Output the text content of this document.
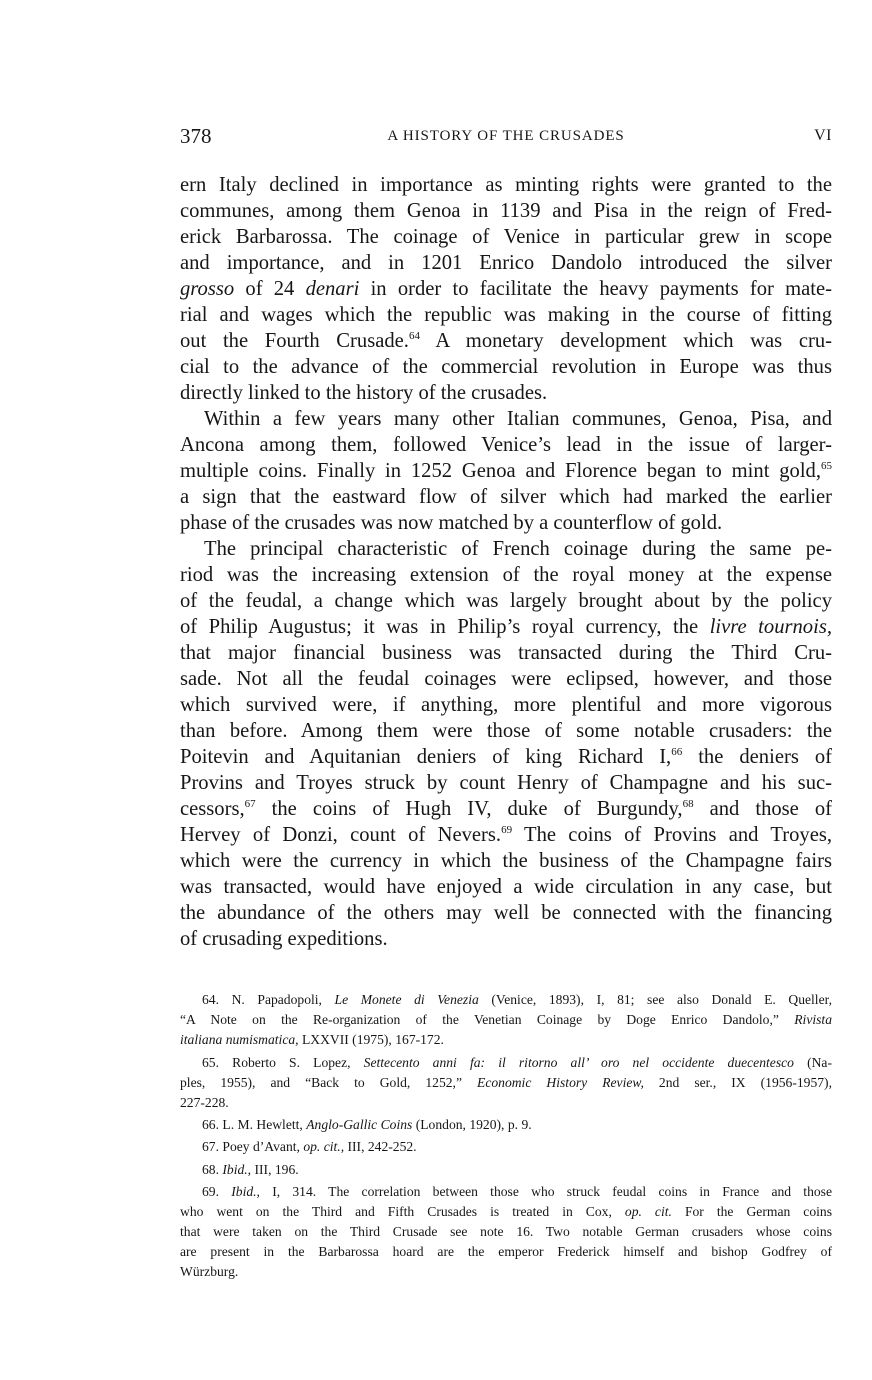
378	A HISTORY OF THE CRUSADES	VI
ern Italy declined in importance as minting rights were granted to the
communes, among them Genoa in 1139 and Pisa in the reign of Fred-
erick Barbarossa. The coinage of Venice in particular grew in scope
and importance, and in 1201 Enrico Dandolo introduced the silver
grosso of 24 denari in order to facilitate the heavy payments for mate-
rial and wages which the republic was making in the course of fitting
out the Fourth Crusade.$^{64}$ A monetary development which was cru-
cial to the advance of the commercial revolution in Europe was thus
directly linked to the history of the crusades.
Within a few years many other Italian communes, Genoa, Pisa, and
Ancona among them, followed Venice’s lead in the issue of larger-
multiple coins. Finally in 1252 Genoa and Florence began to mint gold,$^{65}$
a sign that the eastward flow of silver which had marked the earlier
phase of the crusades was now matched by a counterflow of gold.
The principal characteristic of French coinage during the same pe-
riod was the increasing extension of the royal money at the expense
of the feudal, a change which was largely brought about by the policy
of Philip Augustus; it was in Philip’s royal currency, the livre tournois,
that major financial business was transacted during the Third Cru-
sade. Not all the feudal coinages were eclipsed, however, and those
which survived were, if anything, more plentiful and more vigorous
than before. Among them were those of some notable crusaders: the
Poitevin and Aquitanian deniers of king Richard I,$^{66}$ the deniers of
Provins and Troyes struck by count Henry of Champagne and his suc-
cessors,$^{67}$ the coins of Hugh IV, duke of Burgundy,$^{68}$ and those of
Hervey of Donzi, count of Nevers.$^{69}$ The coins of Provins and Troyes,
which were the currency in which the business of the Champagne fairs
was transacted, would have enjoyed a wide circulation in any case, but
the abundance of the others may well be connected with the financing
of crusading expeditions.
64. N. Papadopoli, Le Monete di Venezia (Venice, 1893), I, 81; see also Donald E. Queller,
“A Note on the Re-organization of the Venetian Coinage by Doge Enrico Dandolo,” Rivista
italiana numismatica, LXXVII (1975), 167-172.
65. Roberto S. Lopez, Settecento anni fa: il ritorno all’ oro nel occidente duecentesco (Na-
ples, 1955), and “Back to Gold, 1252,” Economic History Review, 2nd ser., IX (1956-1957),
227-228.
66. L. M. Hewlett, Anglo-Gallic Coins (London, 1920), p. 9.
67. Poey d’Avant, op. cit., III, 242-252.
68. Ibid., III, 196.
69. Ibid., I, 314. The correlation between those who struck feudal coins in France and those
who went on the Third and Fifth Crusades is treated in Cox, op. cit. For the German coins
that were taken on the Third Crusade see note 16. Two notable German crusaders whose coins
are present in the Barbarossa hoard are the emperor Frederick himself and bishop Godfrey of
Würzburg.
